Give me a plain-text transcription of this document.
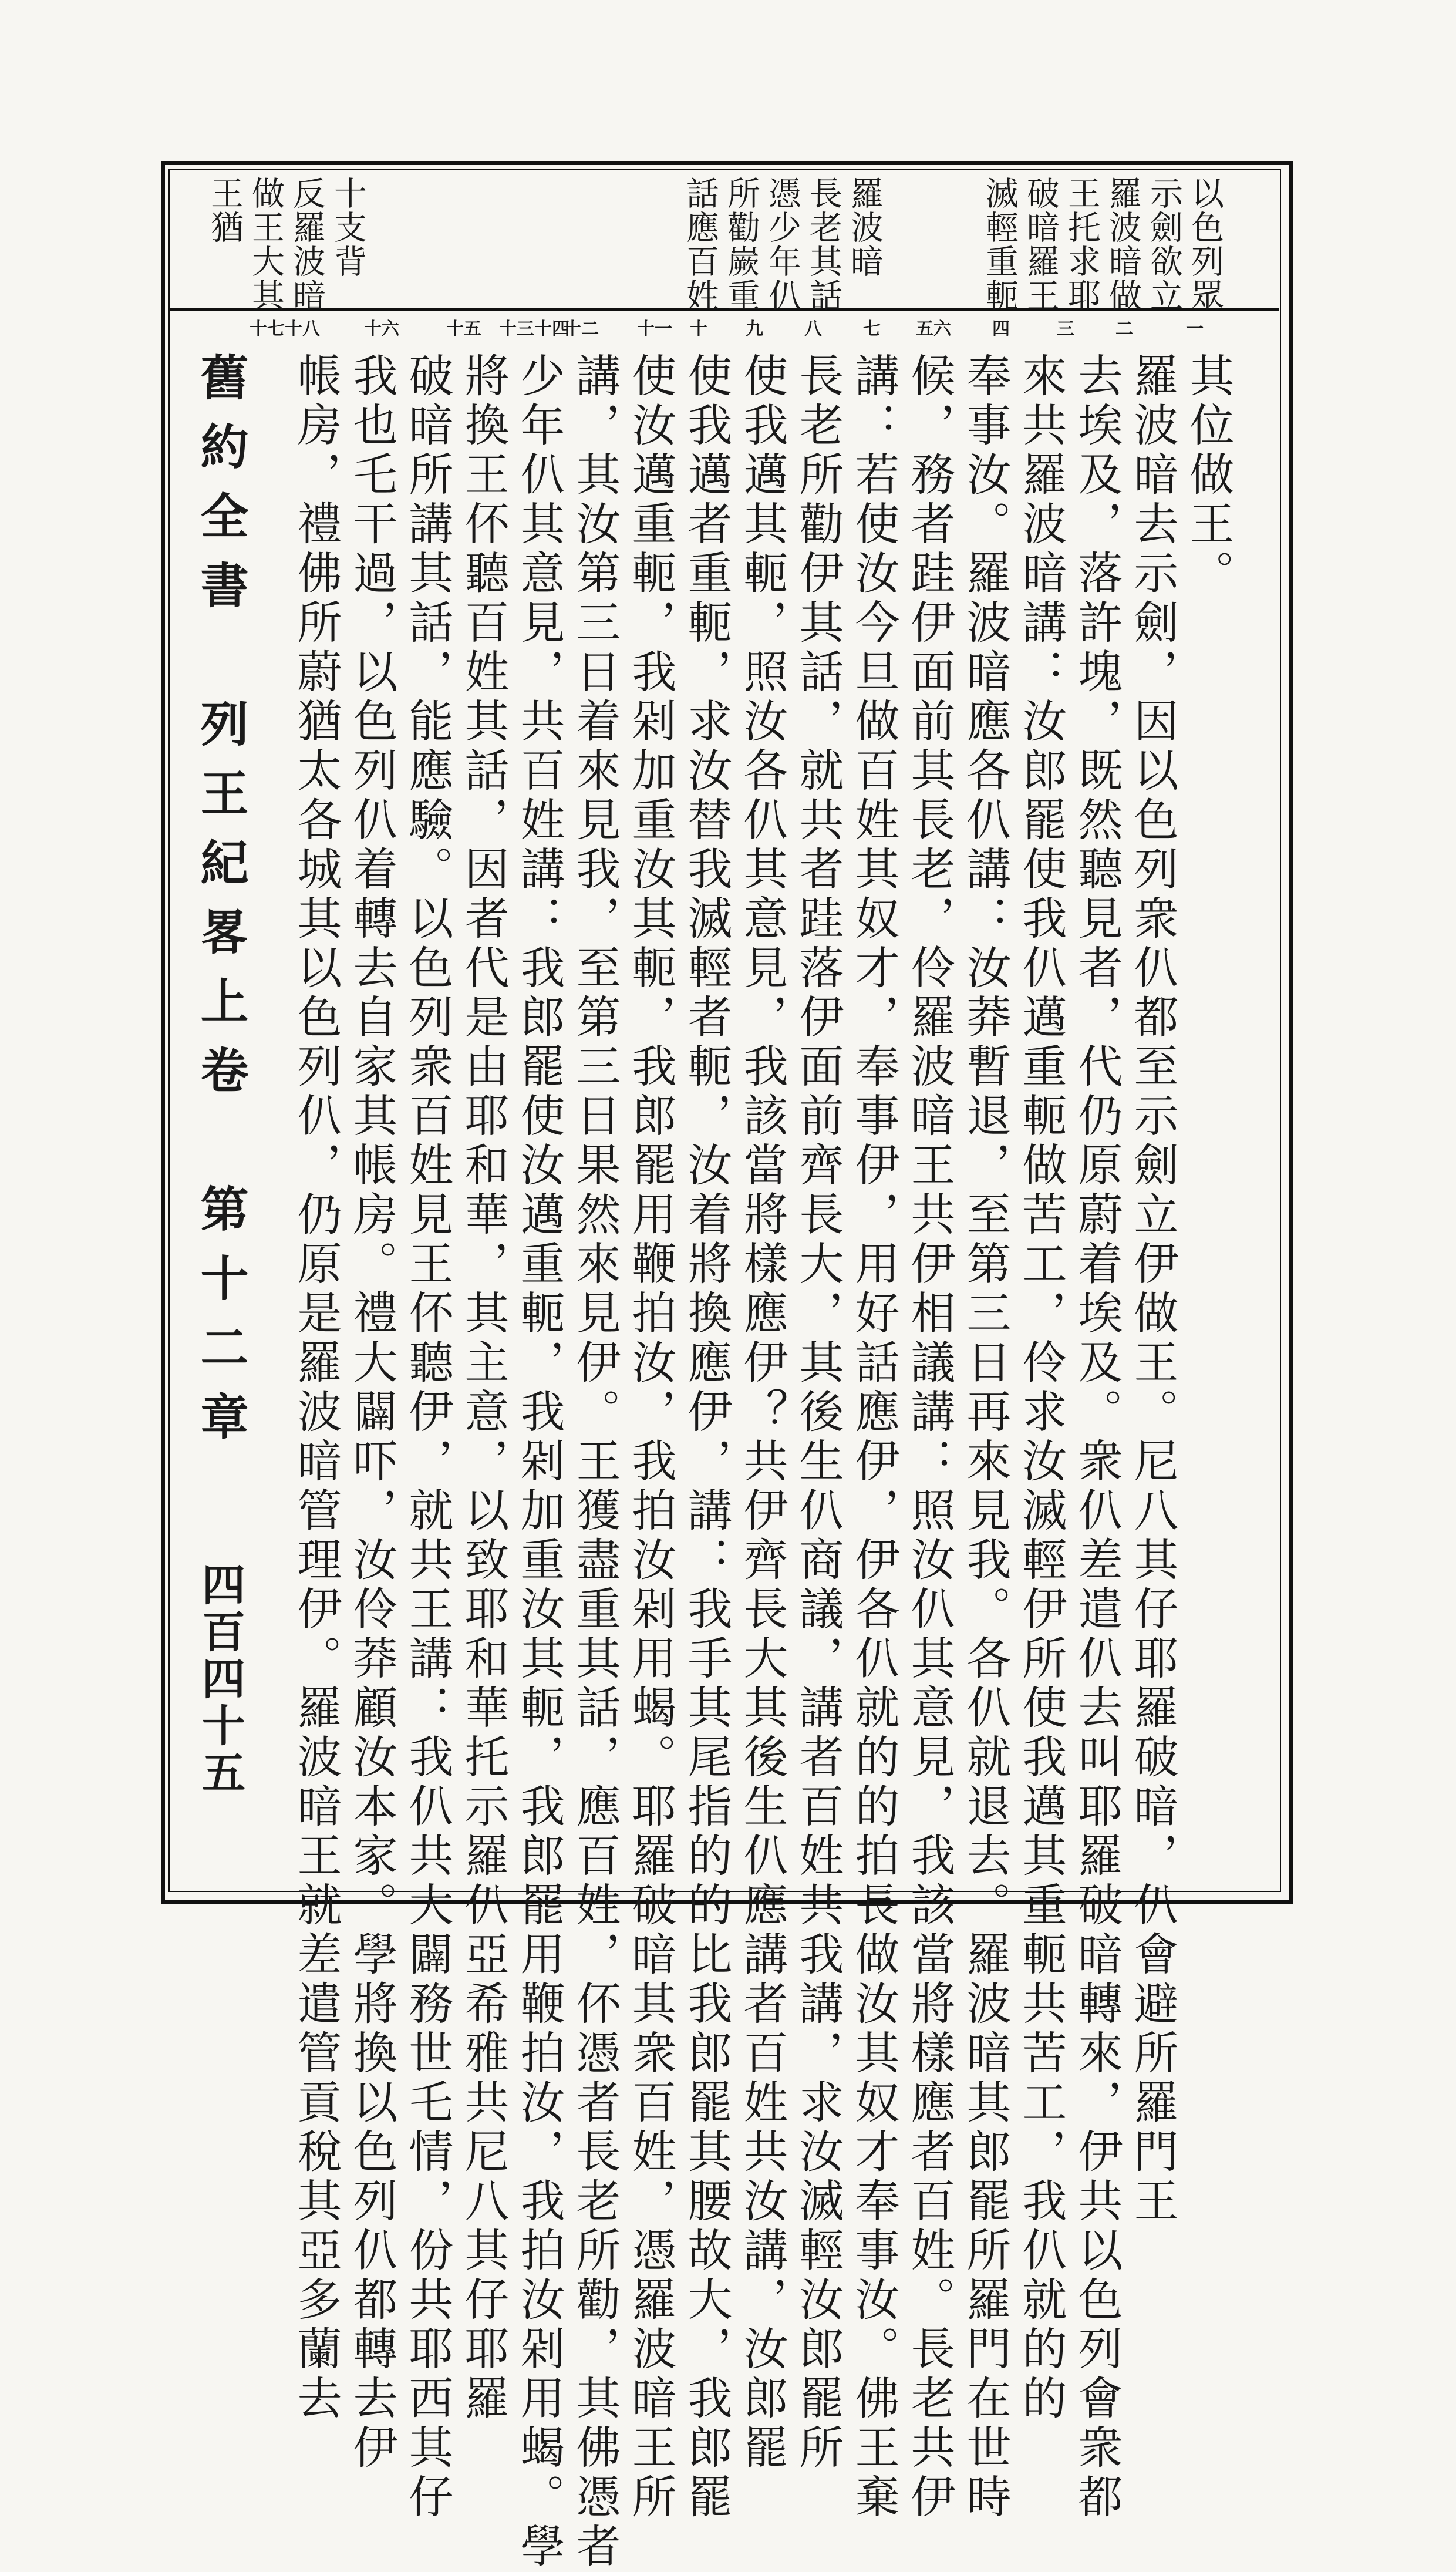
以色列眾
示劍欲立
羅波暗做
王托求耶
破暗羅王
滅輕重軛
羅波暗
長老其話
憑少年仈
所勸嶡重
話應百姓
十支背
反羅波暗
做王大其
王猶
一
二
三
四
五六
七
八
九
十
十一
十二
十三十四
十五
十六
十七十八
其位做王。
羅波暗去示劍，因以色列衆仈都至示劍立伊做王。尼八其仔耶羅破暗，仈會避所羅門王
去埃及，落許塊，既然聽見者，代仍原蔚着埃及。衆仈差遣仈去叫耶羅破暗轉來，伊共以色列會衆都
來共羅波暗講：汝郎罷使我仈邁重軛做苦工，伶求汝滅輕伊所使我邁其重軛共苦工，我仈就的的
奉事汝。羅波暗應各仈講：汝莽暫退，至第三日再來見我。各仈就退去。羅波暗其郎罷所羅門在世時
候，務者跬伊面前其長老，伶羅波暗王共伊相議講：照汝仈其意見，我該當將樣應者百姓。長老共伊
講：若使汝今旦做百姓其奴才，奉事伊，用好話應伊，伊各仈就的的拍長做汝其奴才奉事汝。佛王棄
長老所勸伊其話，就共者跬落伊面前齊長大，其後生仈商議，講者百姓共我講，求汝滅輕汝郎罷所
使我邁其軛，照汝各仈其意見，我該當將樣應伊？共伊齊長大其後生仈應講者百姓共汝講，汝郎罷
使我邁者重軛，求汝替我滅輕者軛，汝着將換應伊，講：我手其尾指的的比我郎罷其腰故大，我郎罷
使汝邁重軛，我剁加重汝其軛，我郎罷用鞭拍汝，我拍汝剁用蝎。耶羅破暗其衆百姓，憑羅波暗王所
講，其汝第三日着來見我，至第三日果然來見伊。王獲盡重其話，應百姓，伓憑者長老所勸，其佛憑者
少年仈其意見，共百姓講：我郎罷使汝邁重軛，我剁加重汝其軛，我郎罷用鞭拍汝，我拍汝剁用蝎。學
將換王伓聽百姓其話，因者代是由耶和華，其主意，以致耶和華托示羅仈亞希雅共尼八其仔耶羅
破暗所講其話，能應驗。以色列衆百姓見王伓聽伊，就共王講：我仈共大闢務世乇情，份共耶西其仔
我也乇干過，以色列仈着轉去自家其帳房。禮大闢吓，汝伶莽顧汝本家。學將換以色列仈都轉去伊
帳房，禮佛所蔚猶太各城其以色列仈，仍原是羅波暗管理伊。羅波暗王就差遣管貢稅其亞多蘭去
舊約全書　列王紀畧上卷　第十二章
四百四十五
